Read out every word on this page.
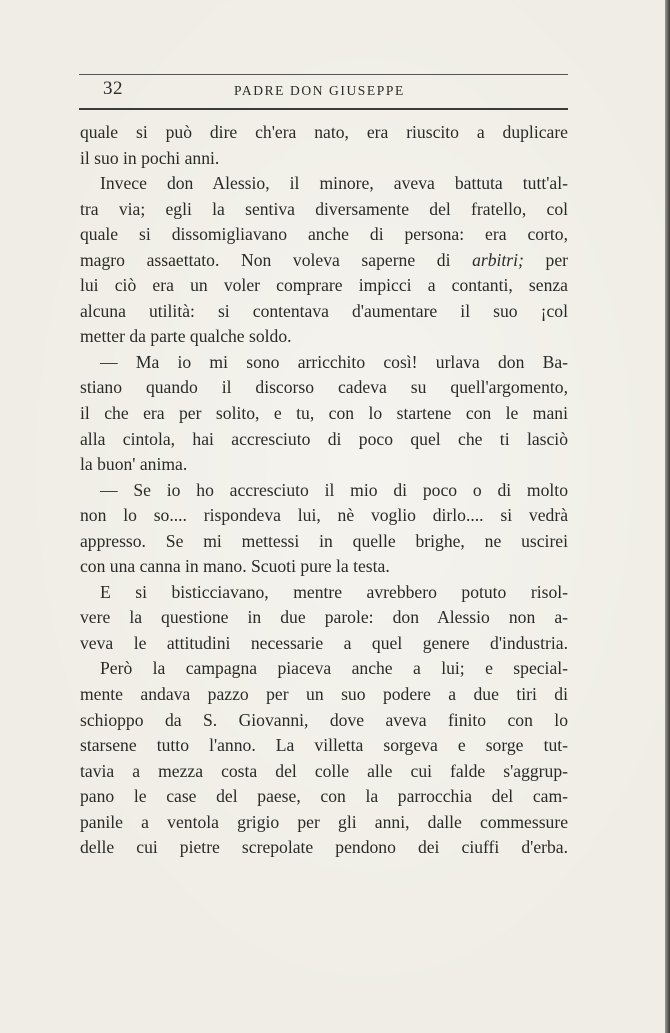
32	PADRE DON GIUSEPPE
quale si può dire ch'era nato, era riuscito a duplicare
il suo in pochi anni.
Invece don Alessio, il minore, aveva battuta tutt'al-
tra via; egli la sentiva diversamente del fratello, col
quale si dissomigliavano anche di persona: era corto,
magro assaettato. Non voleva saperne di arbitri; per
lui ciò era un voler comprare impicci a contanti, senza
alcuna utilità: si contentava d'aumentare il suo ¡col
metter da parte qualche soldo.
— Ma io mi sono arricchito così! urlava don Ba-
stiano quando il discorso cadeva su quell'argomento,
il che era per solito, e tu, con lo startene con le mani
alla cintola, hai accresciuto di poco quel che ti lasciò
la buon' anima.
— Se io ho accresciuto il mio di poco o di molto
non lo so.... rispondeva lui, nè voglio dirlo.... si vedrà
appresso. Se mi mettessi in quelle brighe, ne uscirei
con una canna in mano. Scuoti pure la testa.
E si bisticciavano, mentre avrebbero potuto risol-
vere la questione in due parole: don Alessio non a-
veva le attitudini necessarie a quel genere d'industria.
Però la campagna piaceva anche a lui; e special-
mente andava pazzo per un suo podere a due tiri di
schioppo da S. Giovanni, dove aveva finito con lo
starsene tutto l'anno. La villetta sorgeva e sorge tut-
tavia a mezza costa del colle alle cui falde s'aggrup-
pano le case del paese, con la parrocchia del cam-
panile a ventola grigio per gli anni, dalle commessure
delle cui pietre screpolate pendono dei ciuffi d'erba.
